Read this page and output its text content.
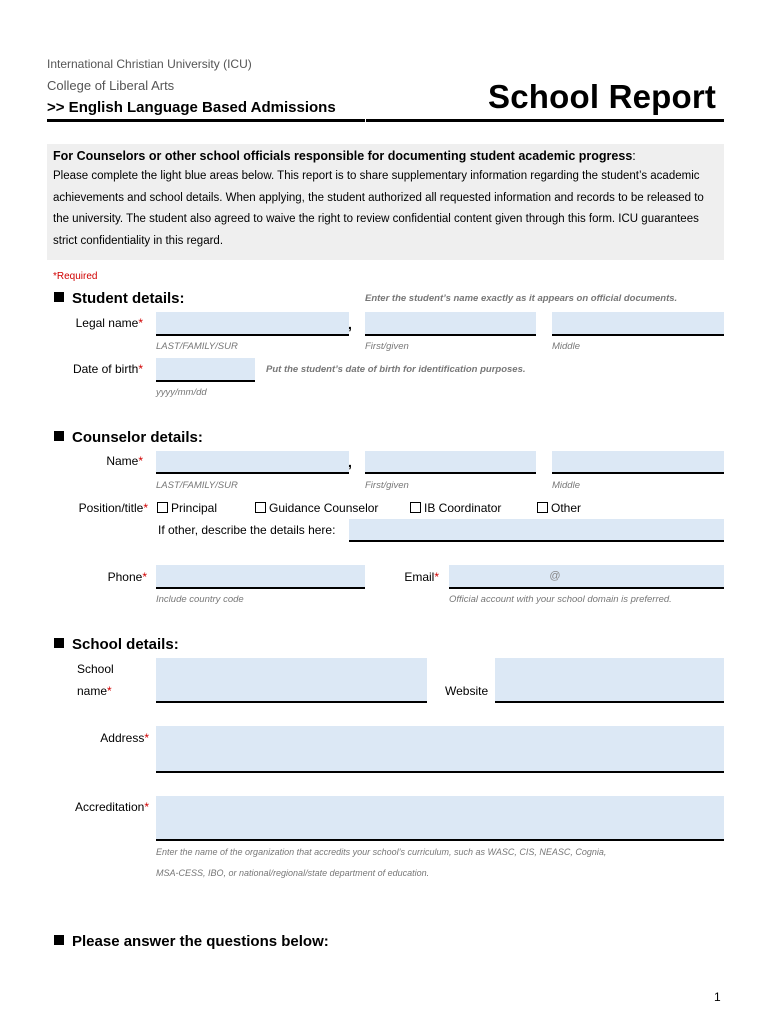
International Christian University (ICU)
College of Liberal Arts
>> English Language Based Admissions	School Report
For Counselors or other school officials responsible for documenting student academic progress:
Please complete the light blue areas below. This report is to share supplementary information regarding the student’s academic achievements and school details. When applying, the student authorized all requested information and records to be released to the university. The student also agreed to waive the right to review confidential content given through this form. ICU guarantees strict confidentiality in this regard.
*Required
Student details:	Enter the student’s name exactly as it appears on official documents.
Legal name*	,
LAST/FAMILY/SUR	First/given	Middle
Date of birth*	Put the student’s date of birth for identification purposes.
yyyy/mm/dd
Counselor details:
Name*	,
LAST/FAMILY/SUR	First/given	Middle
Position/title*	Principal	Guidance Counselor	IB Coordinator	Other
If other, describe the details here:
Phone*
Include country code
Email*	@
Official account with your school domain is preferred.
School details:
School
name*	Website
Address*
Accreditation*
Enter the name of the organization that accredits your school’s curriculum, such as WASC, CIS, NEASC, Cognia,
MSA-CESS, IBO, or national/regional/state department of education.
Please answer the questions below:
1
